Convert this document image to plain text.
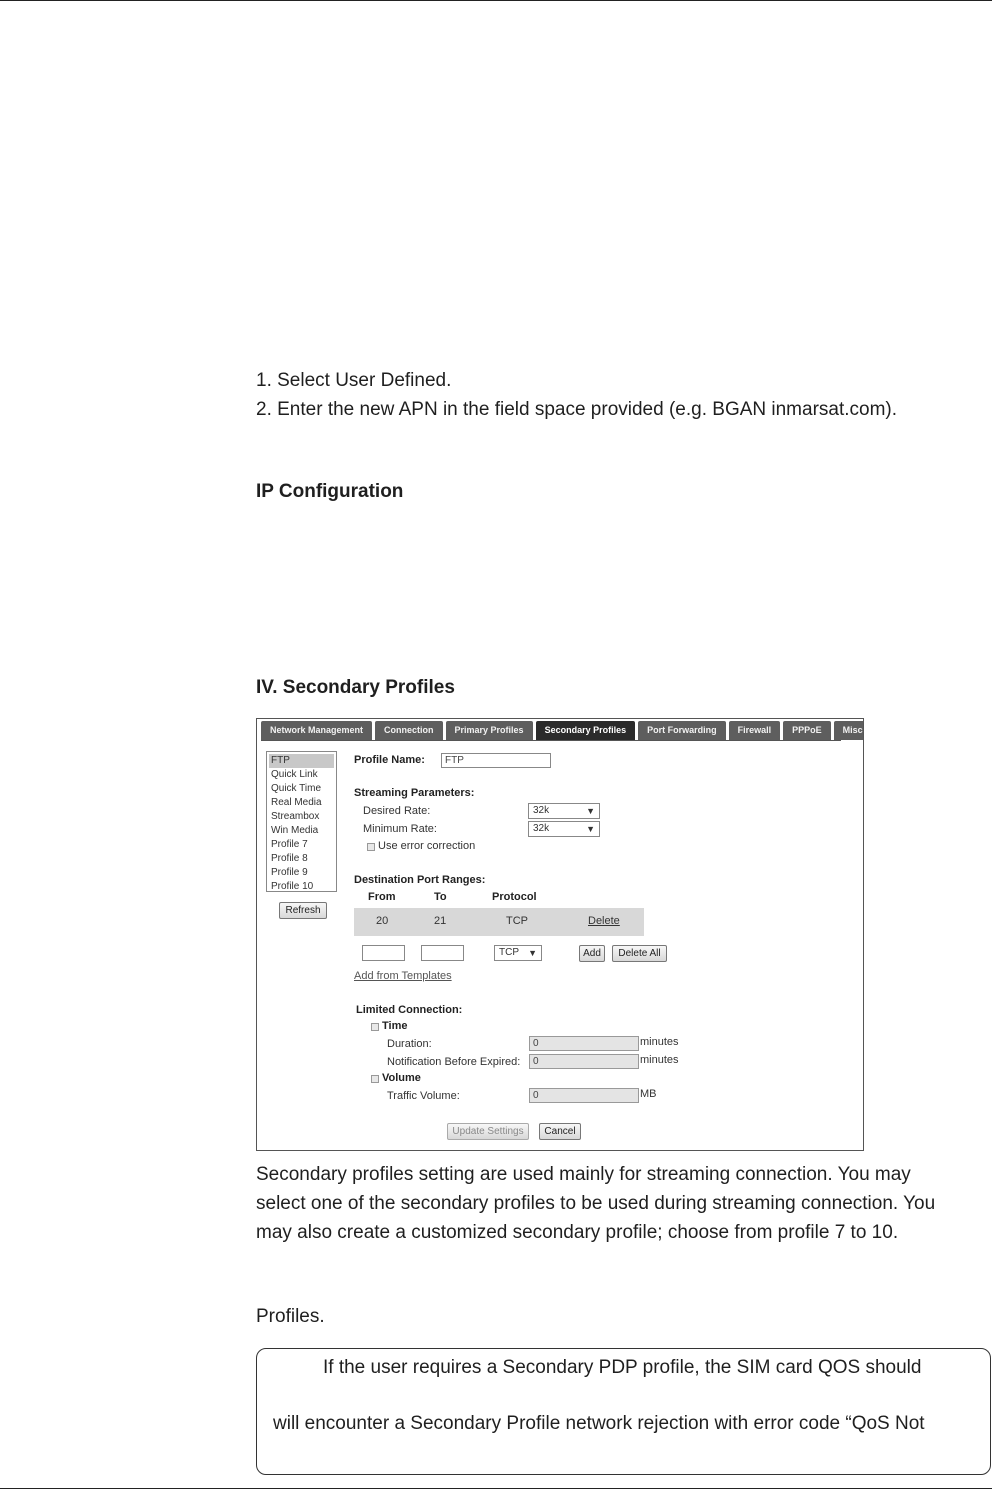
1. Select User Defined.
2. Enter the new APN in the field space provided (e.g. BGAN inmarsat.com).
IP Configuration
IV. Secondary Profiles
Network Management	Connection	Primary Profiles	Secondary Profiles	Port Forwarding	Firewall	PPPoE	Misc
FTP
Quick Link
Quick Time
Real Media
Streambox
Win Media
Profile 7
Profile 8
Profile 9
Profile 10
Refresh
Profile Name:	FTP
Streaming Parameters:
Desired Rate:	32k	▼
Minimum Rate:	32k	▼
Use error correction
Destination Port Ranges:
From	To	Protocol
20	21	TCP	Delete
TCP ▼	Add	Delete All
Add from Templates
Limited Connection:
Time
Duration:	0	minutes
Notification Before Expired:	0	minutes
Volume
Traffic Volume:	0	MB
Update Settings	Cancel
Secondary profiles setting are used mainly for streaming connection. You may
select one of the secondary profiles to be used during streaming connection. You
may also create a customized secondary profile; choose from profile 7 to 10.
Profiles.

If the user requires a Secondary PDP profile, the SIM card QOS should

will encounter a Secondary Profile network rejection with error code “QoS Not
